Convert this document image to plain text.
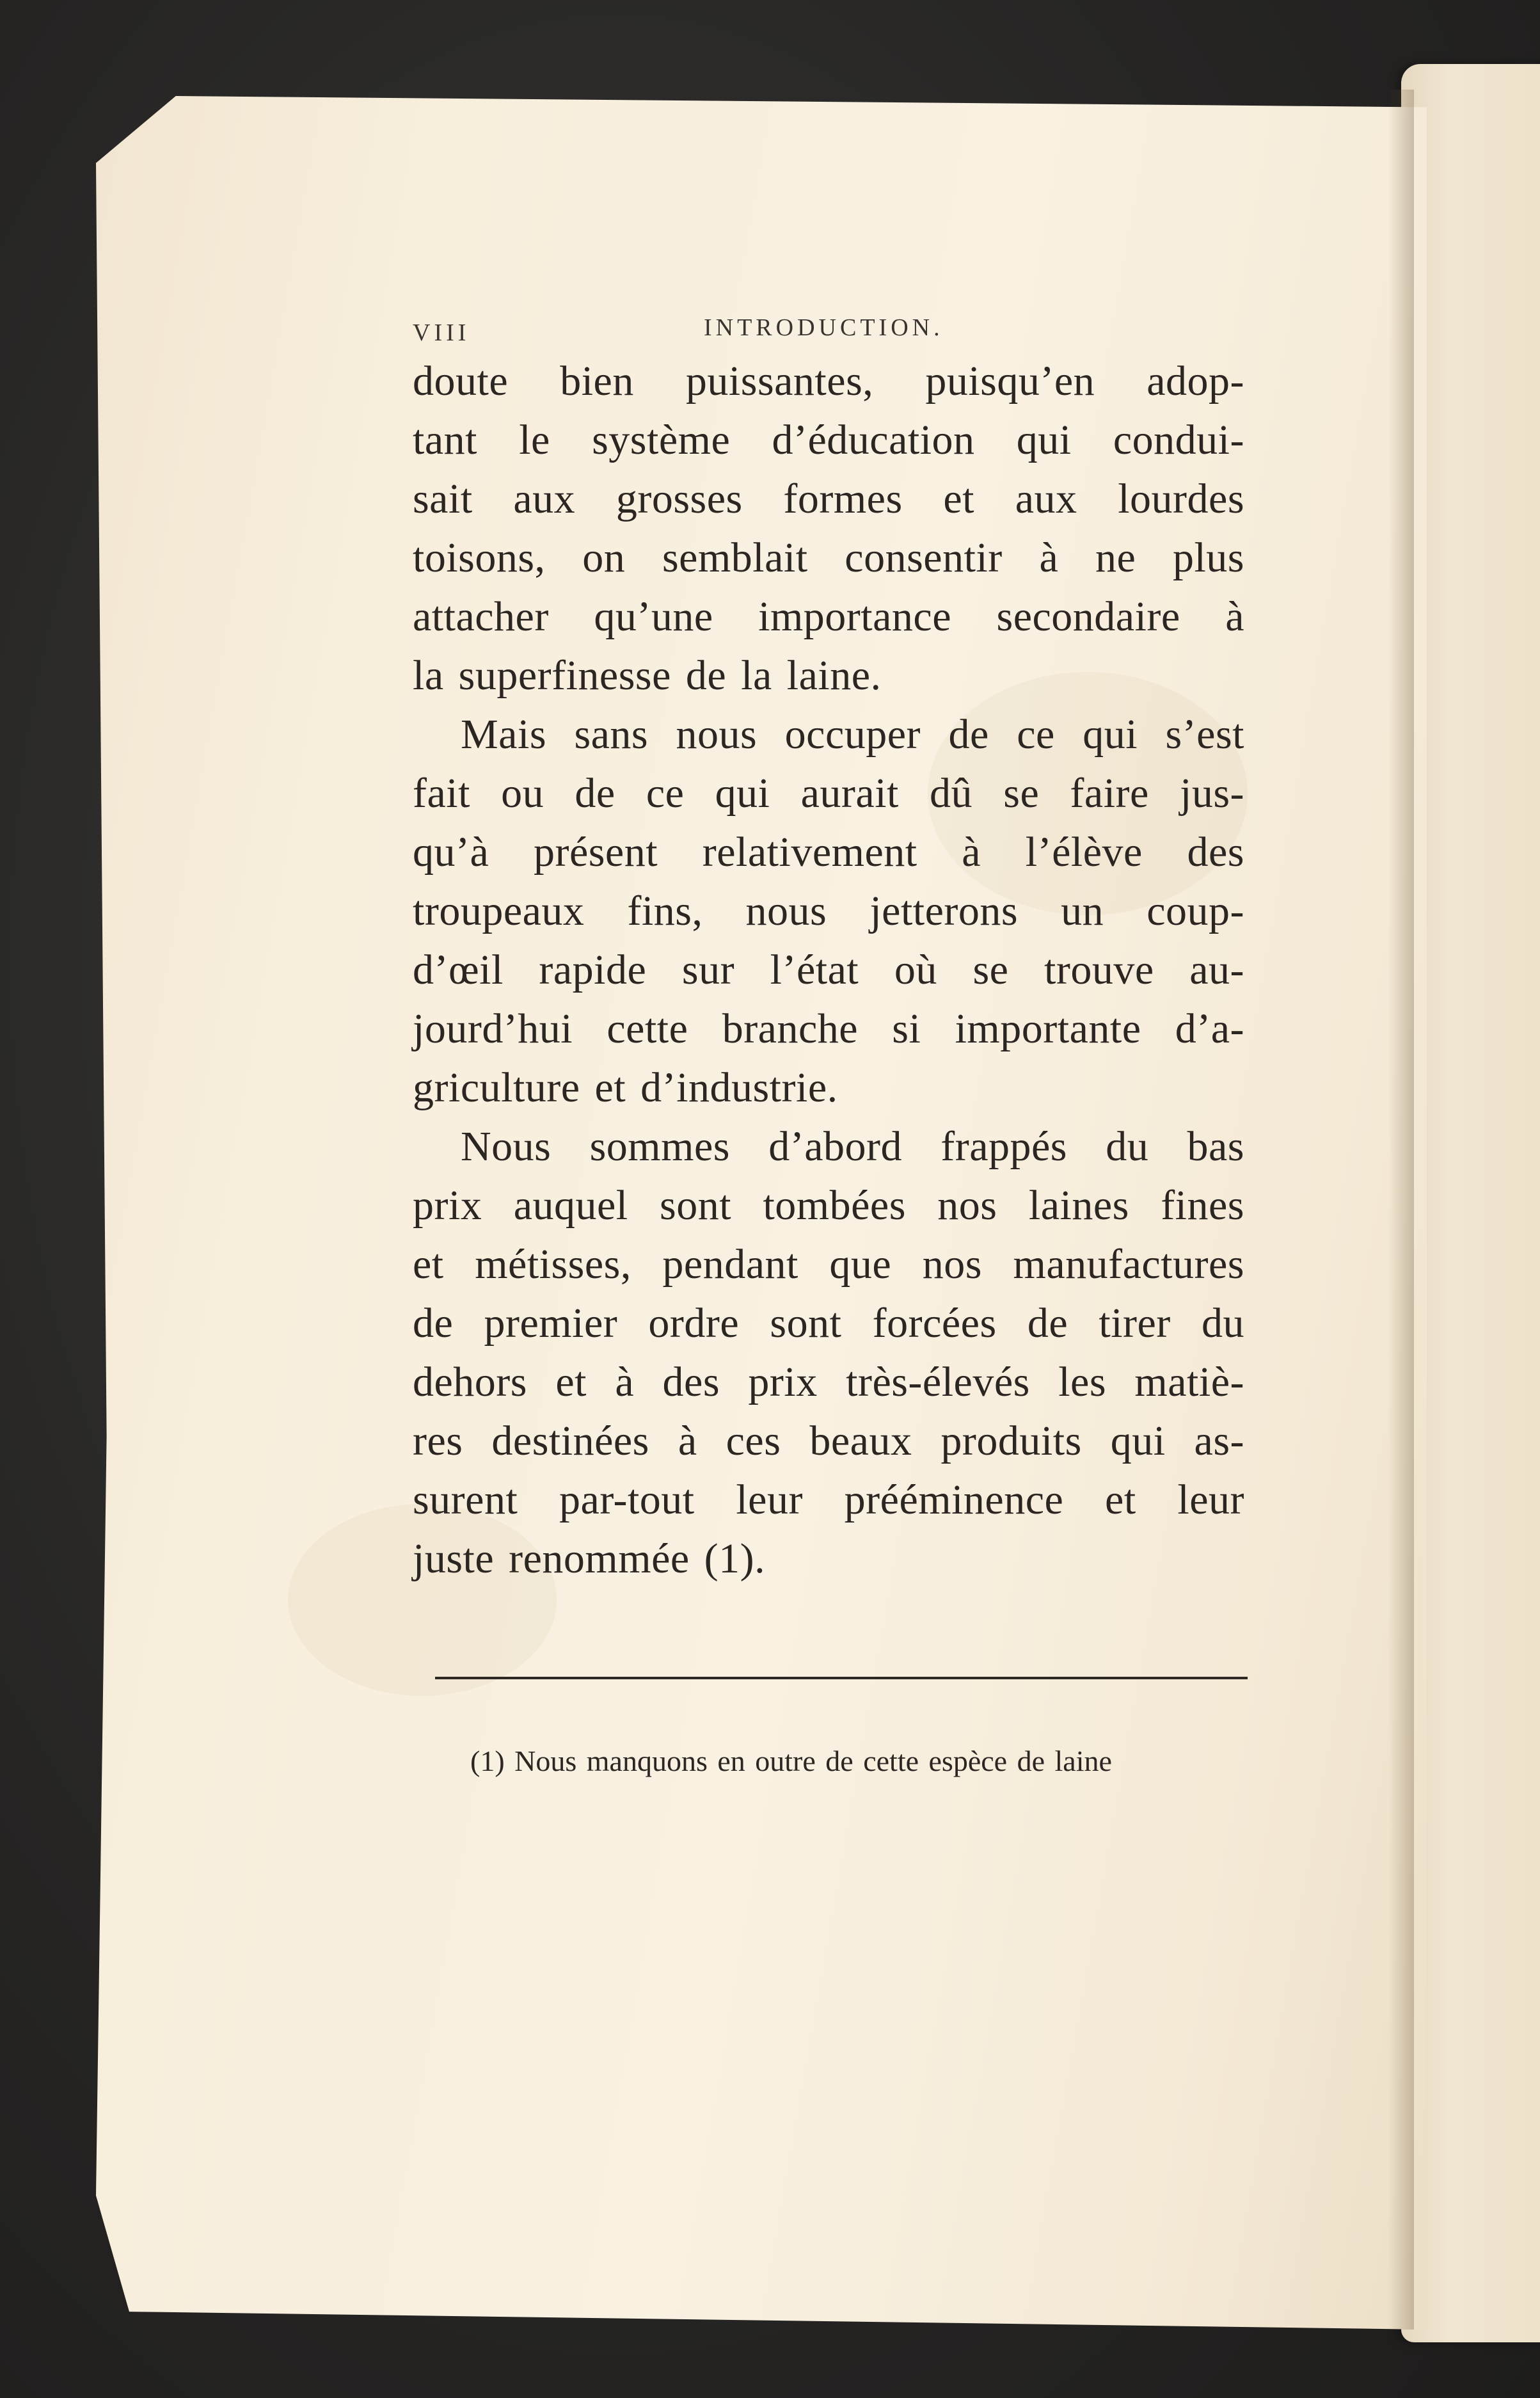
VIII	INTRODUCTION.

doute bien puissantes, puisqu’en adop-
tant le système d’éducation qui condui-
sait aux grosses formes et aux lourdes
toisons, on semblait consentir à ne plus
attacher qu’une importance secondaire à
la superfinesse de la laine.

Mais sans nous occuper de ce qui s’est
fait ou de ce qui aurait dû se faire jus-
qu’à présent relativement à l’élève des
troupeaux fins, nous jetterons un coup-
d’œil rapide sur l’état où se trouve au-
jourd’hui cette branche si importante d’a-
griculture et d’industrie.

Nous sommes d’abord frappés du bas
prix auquel sont tombées nos laines fines
et métisses, pendant que nos manufactures
de premier ordre sont forcées de tirer du
dehors et à des prix très-élevés les matiè-
res destinées à ces beaux produits qui as-
surent par-tout leur prééminence et leur
juste renommée (1).

(1) Nous manquons en outre de cette espèce de laine
